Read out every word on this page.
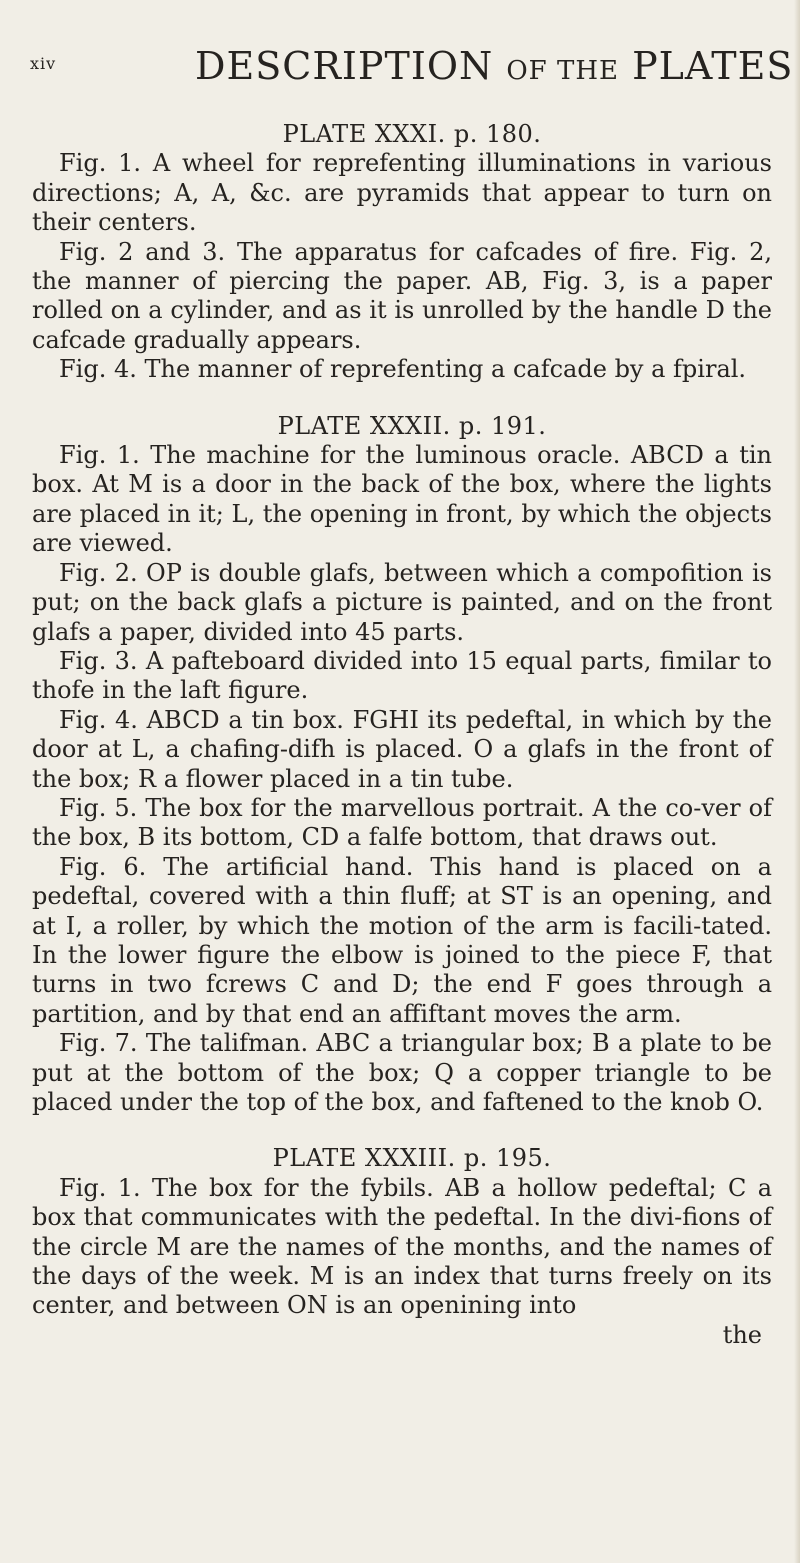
xiv	DESCRIPTION OF THE PLATES

PLATE XXXI. p. 180.

Fig. 1. A wheel for reprefenting illuminations in various directions; A, A, &c. are pyramids that appear to turn on their centers.

Fig. 2 and 3. The apparatus for cafcades of fire. Fig. 2, the manner of piercing the paper. AB, Fig. 3, is a paper rolled on a cylinder, and as it is unrolled by the handle D the cafcade gradually appears.

Fig. 4. The manner of reprefenting a cafcade by a fpiral.

PLATE XXXII. p. 191.

Fig. 1. The machine for the luminous oracle. ABCD a tin box. At M is a door in the back of the box, where the lights are placed in it; L, the opening in front, by which the objects are viewed.

Fig. 2. OP is double glafs, between which a compofition is put; on the back glafs a picture is painted, and on the front glafs a paper, divided into 45 parts.

Fig. 3. A pafteboard divided into 15 equal parts, fimilar to thofe in the laft figure.

Fig. 4. ABCD a tin box. FGHI its pedeftal, in which by the door at L, a chafing-difh is placed. O a glafs in the front of the box; R a flower placed in a tin tube.

Fig. 5. The box for the marvellous portrait. A the co-ver of the box, B its bottom, CD a falfe bottom, that draws out.

Fig. 6. The artificial hand. This hand is placed on a pedeftal, covered with a thin fluff; at ST is an opening, and at I, a roller, by which the motion of the arm is facili-tated. In the lower figure the elbow is joined to the piece F, that turns in two fcrews C and D; the end F goes through a partition, and by that end an affiftant moves the arm.

Fig. 7. The talifman. ABC a triangular box; B a plate to be put at the bottom of the box; Q a copper triangle to be placed under the top of the box, and faftened to the knob O.

PLATE XXXIII. p. 195.

Fig. 1. The box for the fybils. AB a hollow pedeftal; C a box that communicates with the pedeftal. In the divi-fions of the circle M are the names of the months, and the names of the days of the week. M is an index that turns freely on its center, and between ON is an openining into

the
